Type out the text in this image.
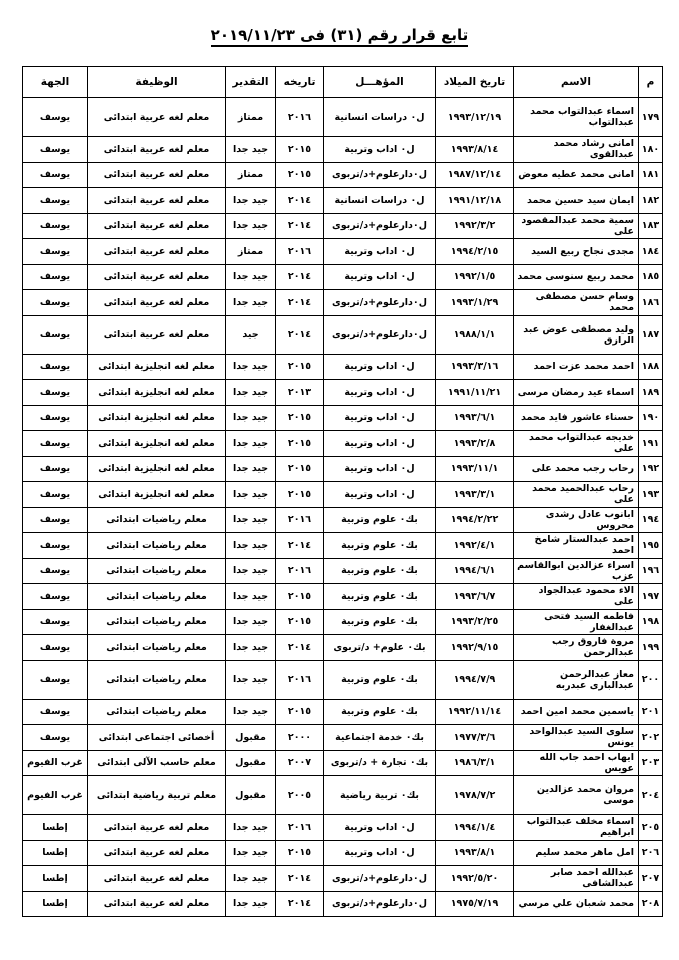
تابع قرار رقم (٣١) فى ٢٠١٩/١١/٢٣
م	الاسم	تاريخ الميلاد	المؤهـــل	تاريخه	التقدير	الوظيفة	الجهة
١٧٩	اسماء عبدالتواب محمد عبدالتواب	١٩٩٣/١٢/١٩	ل٠ دراسات انسانية	٢٠١٦	ممتاز	معلم لغه عربية ابتدائى	يوسف
١٨٠	امانى رشاد محمد عبدالقوى	١٩٩٣/٨/١٤	ل٠ اداب وتربية	٢٠١٥	جيد جدا	معلم لغه عربية ابتدائى	يوسف
١٨١	امانى محمد عطيه معوض	١٩٨٧/١٢/١٤	ل٠دارعلوم+د/تربوى	٢٠١٥	ممتاز	معلم لغه عربية ابتدائى	يوسف
١٨٢	ايمان سيد حسين محمد	١٩٩١/١٢/١٨	ل٠ دراسات انسانية	٢٠١٤	جيد جدا	معلم لغه عربية ابتدائى	يوسف
١٨٣	سمية محمد عبدالمقصود على	١٩٩٢/٣/٢	ل٠دارعلوم+د/تربوى	٢٠١٤	جيد جدا	معلم لغه عربية ابتدائى	يوسف
١٨٤	مجدى نجاح ربيع السيد	١٩٩٤/٢/١٥	ل٠ اداب وتربية	٢٠١٦	ممتاز	معلم لغه عربية ابتدائى	يوسف
١٨٥	محمد ربيع سنوسى محمد	١٩٩٢/١/٥	ل٠ اداب وتربية	٢٠١٤	جيد جدا	معلم لغه عربية ابتدائى	يوسف
١٨٦	وسام حسن مصطفى محمد	١٩٩٣/١/٢٩	ل٠دارعلوم+د/تربوى	٢٠١٤	جيد جدا	معلم لغه عربية ابتدائى	يوسف
١٨٧	وليد مصطفى عوض عبد الرازق	١٩٨٨/١/١	ل٠دارعلوم+د/تربوى	٢٠١٤	جيد	معلم لغه عربية ابتدائى	يوسف
١٨٨	احمد محمد عزت احمد	١٩٩٣/٣/١٦	ل٠ اداب وتربية	٢٠١٥	جيد جدا	معلم لغه انجليزية ابتدائى	يوسف
١٨٩	اسماء عيد رمضان مرسى	١٩٩١/١١/٢١	ل٠ اداب وتربية	٢٠١٣	جيد جدا	معلم لغه انجليزية ابتدائى	يوسف
١٩٠	حسناء عاشور فايد محمد	١٩٩٣/٦/١	ل٠ اداب وتربية	٢٠١٥	جيد جدا	معلم لغه انجليزية ابتدائى	يوسف
١٩١	خديجه عبدالتواب محمد على	١٩٩٣/٢/٨	ل٠ اداب وتربية	٢٠١٥	جيد جدا	معلم لغه انجليزية ابتدائى	يوسف
١٩٢	رحاب رجب محمد على	١٩٩٣/١١/١	ل٠ اداب وتربية	٢٠١٥	جيد جدا	معلم لغه انجليزية ابتدائى	يوسف
١٩٣	رحاب عبدالحميد محمد على	١٩٩٣/٣/١	ل٠ اداب وتربية	٢٠١٥	جيد جدا	معلم لغه انجليزية ابتدائى	يوسف
١٩٤	ابانوب عادل رشدى محروس	١٩٩٤/٢/٢٢	بك٠ علوم وتربية	٢٠١٦	جيد جدا	معلم رياضيات ابتدائى	يوسف
١٩٥	احمد عبدالستار شامخ احمد	١٩٩٢/٤/١	بك٠ علوم وتربية	٢٠١٤	جيد جدا	معلم رياضيات ابتدائى	يوسف
١٩٦	اسراء عزالدين ابوالقاسم عزب	١٩٩٤/٦/١	بك٠ علوم وتربية	٢٠١٦	جيد جدا	معلم رياضيات ابتدائى	يوسف
١٩٧	الاء محمود عبدالجواد على	١٩٩٣/٦/٧	بك٠ علوم وتربية	٢٠١٥	جيد جدا	معلم رياضيات ابتدائى	يوسف
١٩٨	فاطمه السيد فتحى عبدالغفار	١٩٩٣/٢/٢٥	بك٠ علوم وتربية	٢٠١٥	جيد جدا	معلم رياضيات ابتدائى	يوسف
١٩٩	مروة فاروق رجب عبدالرحمن	١٩٩٢/٩/١٥	بك٠ علوم+ د/تربوى	٢٠١٤	جيد جدا	معلم رياضيات ابتدائى	يوسف
٢٠٠	معاز عبدالرحمن عبدالبارى عبدربه	١٩٩٤/٧/٩	بك٠ علوم وتربية	٢٠١٦	جيد جدا	معلم رياضيات ابتدائى	يوسف
٢٠١	ياسمين محمد امين احمد	١٩٩٢/١١/١٤	بك٠ علوم وتربية	٢٠١٥	جيد جدا	معلم رياضيات ابتدائى	يوسف
٢٠٢	سلوى السيد عبدالواحد يونس	١٩٧٧/٣/٦	بك٠ خدمة اجتماعية	٢٠٠٠	مقبول	أخصائى اجتماعى ابتدائى	يوسف
٢٠٣	ايهاب احمد جاب الله عويس	١٩٨٦/٣/١	بك٠ تجارة + د/تربوى	٢٠٠٧	مقبول	معلم حاسب الآلى ابتدائى	غرب الفيوم
٢٠٤	مروان محمد عزالدين موسى	١٩٧٨/٧/٢	بك٠ تربية رياضية	٢٠٠٥	مقبول	معلم تربية رياضية ابتدائى	غرب الفيوم
٢٠٥	اسماء مخلف عبدالتواب ابراهيم	١٩٩٤/١/٤	ل٠ اداب وتربية	٢٠١٦	جيد جدا	معلم لغه عربية ابتدائى	إطسا
٢٠٦	امل ماهر محمد سليم	١٩٩٣/٨/١	ل٠ اداب وتربية	٢٠١٥	جيد جدا	معلم لغه عربية ابتدائى	إطسا
٢٠٧	عبدالله احمد صابر عبدالشافى	١٩٩٢/٥/٢٠	ل٠دارعلوم+د/تربوى	٢٠١٤	جيد جدا	معلم لغه عربية ابتدائى	إطسا
٢٠٨	محمد شعبان علي مرسي	١٩٧٥/٧/١٩	ل٠دارعلوم+د/تربوى	٢٠١٤	جيد جدا	معلم لغه عربية ابتدائى	إطسا
